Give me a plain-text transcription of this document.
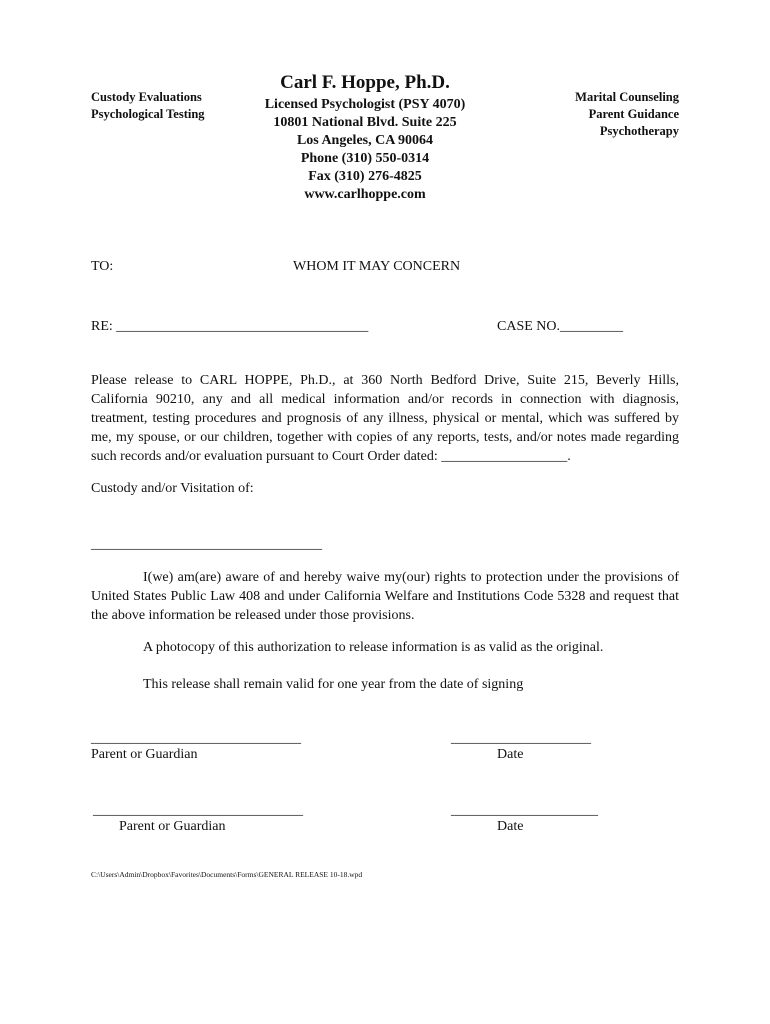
Custody Evaluations
Psychological Testing
Carl F. Hoppe, Ph.D.
Licensed Psychologist (PSY 4070)
10801 National Blvd. Suite 225
Los Angeles, CA 90064
Phone (310) 550-0314
Fax (310) 276-4825
www.carlhoppe.com
Marital Counseling
Parent Guidance
Psychotherapy
TO:	WHOM IT MAY CONCERN
RE: ____________________________________	CASE NO._________
Please release to CARL HOPPE, Ph.D., at 360 North Bedford Drive, Suite 215, Beverly Hills, California 90210, any and all medical information and/or records in connection with diagnosis, treatment, testing procedures and prognosis of any illness, physical or mental, which was suffered by me, my spouse, or our children, together with copies of any reports, tests, and/or notes made regarding such records and/or evaluation pursuant to Court Order dated: __________________.
Custody and/or Visitation of:
_________________________________
I(we) am(are) aware of and hereby waive my(our) rights to protection under the provisions of United States Public Law 408 and under California Welfare and Institutions Code 5328 and request that the above information be released under those provisions.
A photocopy of this authorization to release information is as valid as the original.
This release shall remain valid for one year from the date of signing
______________________________
Parent or Guardian
____________________
Date
______________________________
Parent or Guardian
_____________________
Date
C:\Users\Admin\Dropbox\Favorites\Documents\Forms\GENERAL RELEASE 10-18.wpd
